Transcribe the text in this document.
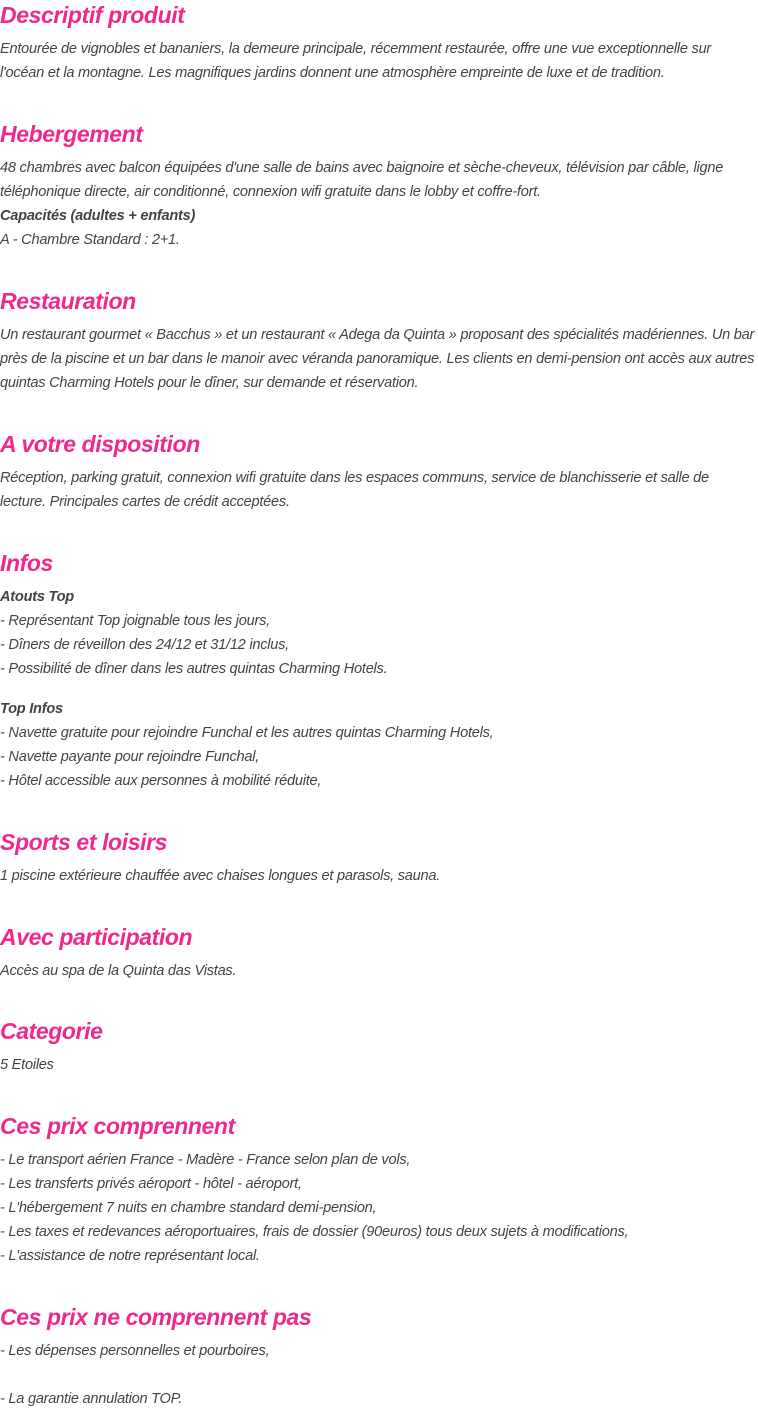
Descriptif produit

Entourée de vignobles et bananiers, la demeure principale, récemment restaurée, offre une vue exceptionnelle sur l'océan et la montagne. Les magnifiques jardins donnent une atmosphère empreinte de luxe et de tradition.

Hebergement

48 chambres avec balcon équipées d'une salle de bains avec baignoire et sèche-cheveux, télévision par câble, ligne téléphonique directe, air conditionné, connexion wifi gratuite dans le lobby et coffre-fort.

Capacités (adultes + enfants)

A - Chambre Standard : 2+1.

Restauration

Un restaurant gourmet « Bacchus » et un restaurant « Adega da Quinta » proposant des spécialités madériennes. Un bar près de la piscine et un bar dans le manoir avec véranda panoramique. Les clients en demi-pension ont accès aux autres quintas Charming Hotels pour le dîner, sur demande et réservation.

A votre disposition

Réception, parking gratuit, connexion wifi gratuite dans les espaces communs, service de blanchisserie et salle de lecture. Principales cartes de crédit acceptées.

Infos

Atouts Top

- Représentant Top joignable tous les jours,

- Dîners de réveillon des 24/12 et 31/12 inclus,

- Possibilité de dîner dans les autres quintas Charming Hotels.

Top Infos

- Navette gratuite pour rejoindre Funchal et les autres quintas Charming Hotels,

- Navette payante pour rejoindre Funchal,

- Hôtel accessible aux personnes à mobilité réduite,

Sports et loisirs

1 piscine extérieure chauffée avec chaises longues et parasols, sauna.

Avec participation

Accès au spa de la Quinta das Vistas.

Categorie

5 Etoiles

Ces prix comprennent

- Le transport aérien France - Madère - France selon plan de vols,

- Les transferts privés aéroport - hôtel - aéroport,

- L'hébergement 7 nuits en chambre standard demi-pension,

- Les taxes et redevances aéroportuaires, frais de dossier (90euros) tous deux sujets à modifications,

- L'assistance de notre représentant local.

Ces prix ne comprennent pas

- Les dépenses personnelles et pourboires,

- La garantie annulation TOP.
